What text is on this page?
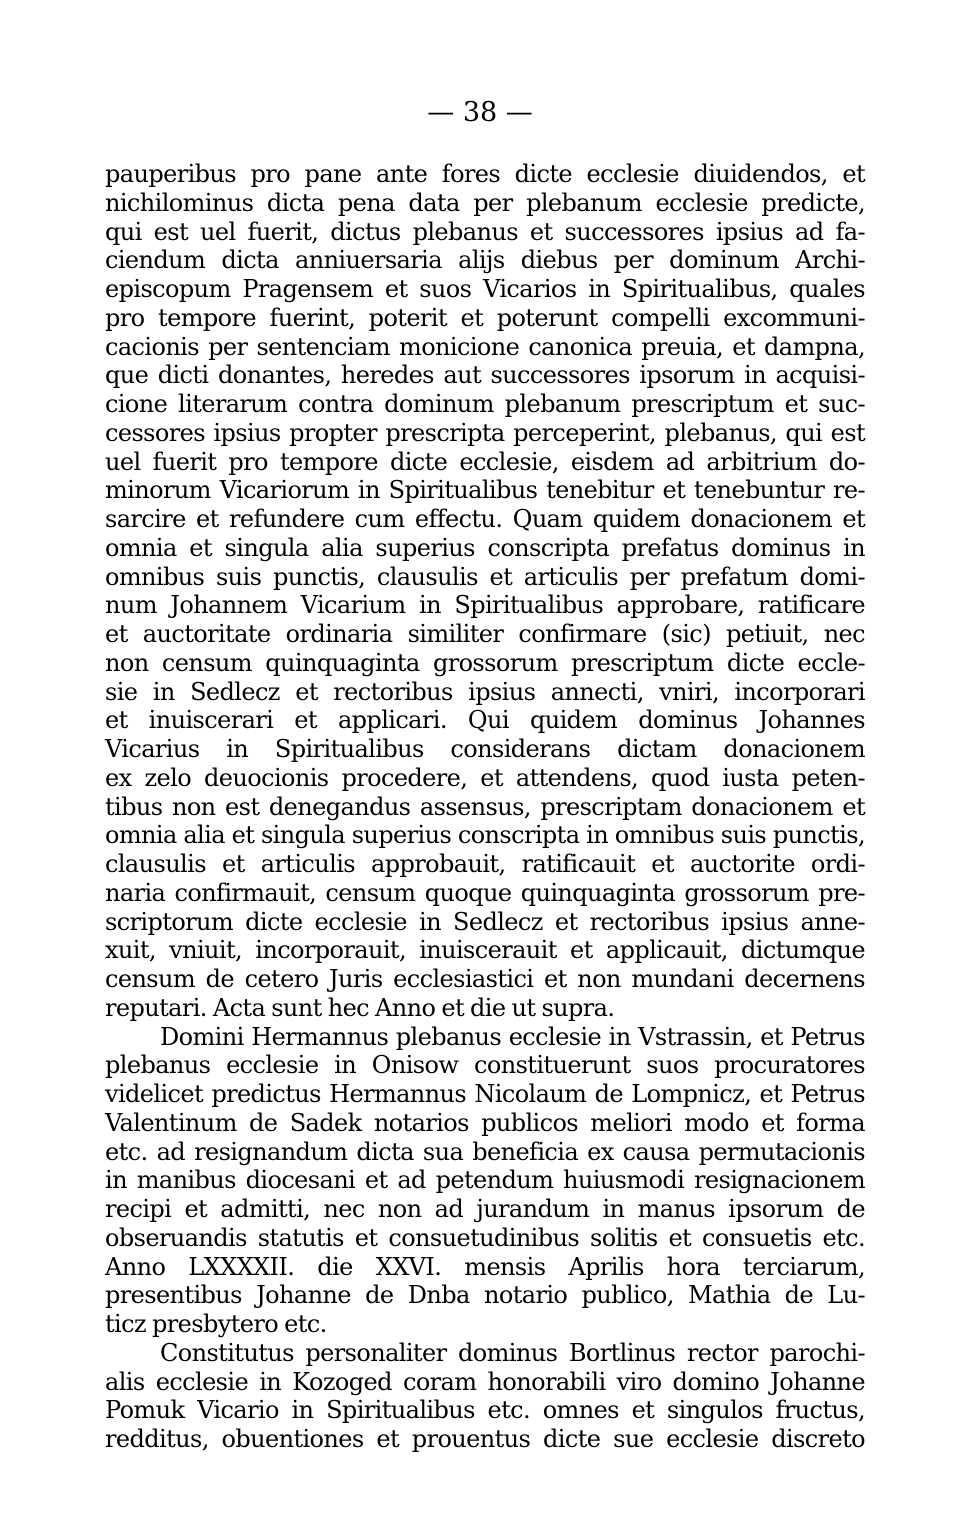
— 38 —
pauperibus pro pane ante fores dicte ecclesie diuidendos, et
nichilominus dicta pena data per plebanum ecclesie predicte,
qui est uel fuerit, dictus plebanus et successores ipsius ad fa-
ciendum dicta anniuersaria alijs diebus per dominum Archi-
episcopum Pragensem et suos Vicarios in Spiritualibus, quales
pro tempore fuerint, poterit et poterunt compelli excommuni-
cacionis per sentenciam monicione canonica preuia, et dampna,
que dicti donantes, heredes aut successores ipsorum in acquisi-
cione literarum contra dominum plebanum prescriptum et suc-
cessores ipsius propter prescripta perceperint, plebanus, qui est
uel fuerit pro tempore dicte ecclesie, eisdem ad arbitrium do-
minorum Vicariorum in Spiritualibus tenebitur et tenebuntur re-
sarcire et refundere cum effectu. Quam quidem donacionem et
omnia et singula alia superius conscripta prefatus dominus in
omnibus suis punctis, clausulis et articulis per prefatum domi-
num Johannem Vicarium in Spiritualibus approbare, ratificare
et auctoritate ordinaria similiter confirmare (sic) petiuit, nec
non censum quinquaginta grossorum prescriptum dicte eccle-
sie in Sedlecz et rectoribus ipsius annecti, vniri, incorporari
et inuiscerari et applicari. Qui quidem dominus Johannes
Vicarius in Spiritualibus considerans dictam donacionem
ex zelo deuocionis procedere, et attendens, quod iusta peten-
tibus non est denegandus assensus, prescriptam donacionem et
omnia alia et singula superius conscripta in omnibus suis punctis,
clausulis et articulis approbauit, ratificauit et auctorite ordi-
naria confirmauit, censum quoque quinquaginta grossorum pre-
scriptorum dicte ecclesie in Sedlecz et rectoribus ipsius anne-
xuit, vniuit, incorporauit, inuiscerauit et applicauit, dictumque
censum de cetero Juris ecclesiastici et non mundani decernens
reputari. Acta sunt hec Anno et die ut supra.
Domini Hermannus plebanus ecclesie in Vstrassin, et Petrus
plebanus ecclesie in Onisow constituerunt suos procuratores
videlicet predictus Hermannus Nicolaum de Lompnicz, et Petrus
Valentinum de Sadek notarios publicos meliori modo et forma
etc. ad resignandum dicta sua beneficia ex causa permutacionis
in manibus diocesani et ad petendum huiusmodi resignacionem
recipi et admitti, nec non ad jurandum in manus ipsorum de
obseruandis statutis et consuetudinibus solitis et consuetis etc.
Anno LXXXXII. die XXVI. mensis Aprilis hora terciarum,
presentibus Johanne de Dnba notario publico, Mathia de Lu-
ticz presbytero etc.
Constitutus personaliter dominus Bortlinus rector parochi-
alis ecclesie in Kozoged coram honorabili viro domino Johanne
Pomuk Vicario in Spiritualibus etc. omnes et singulos fructus,
redditus, obuentiones et prouentus dicte sue ecclesie discreto
